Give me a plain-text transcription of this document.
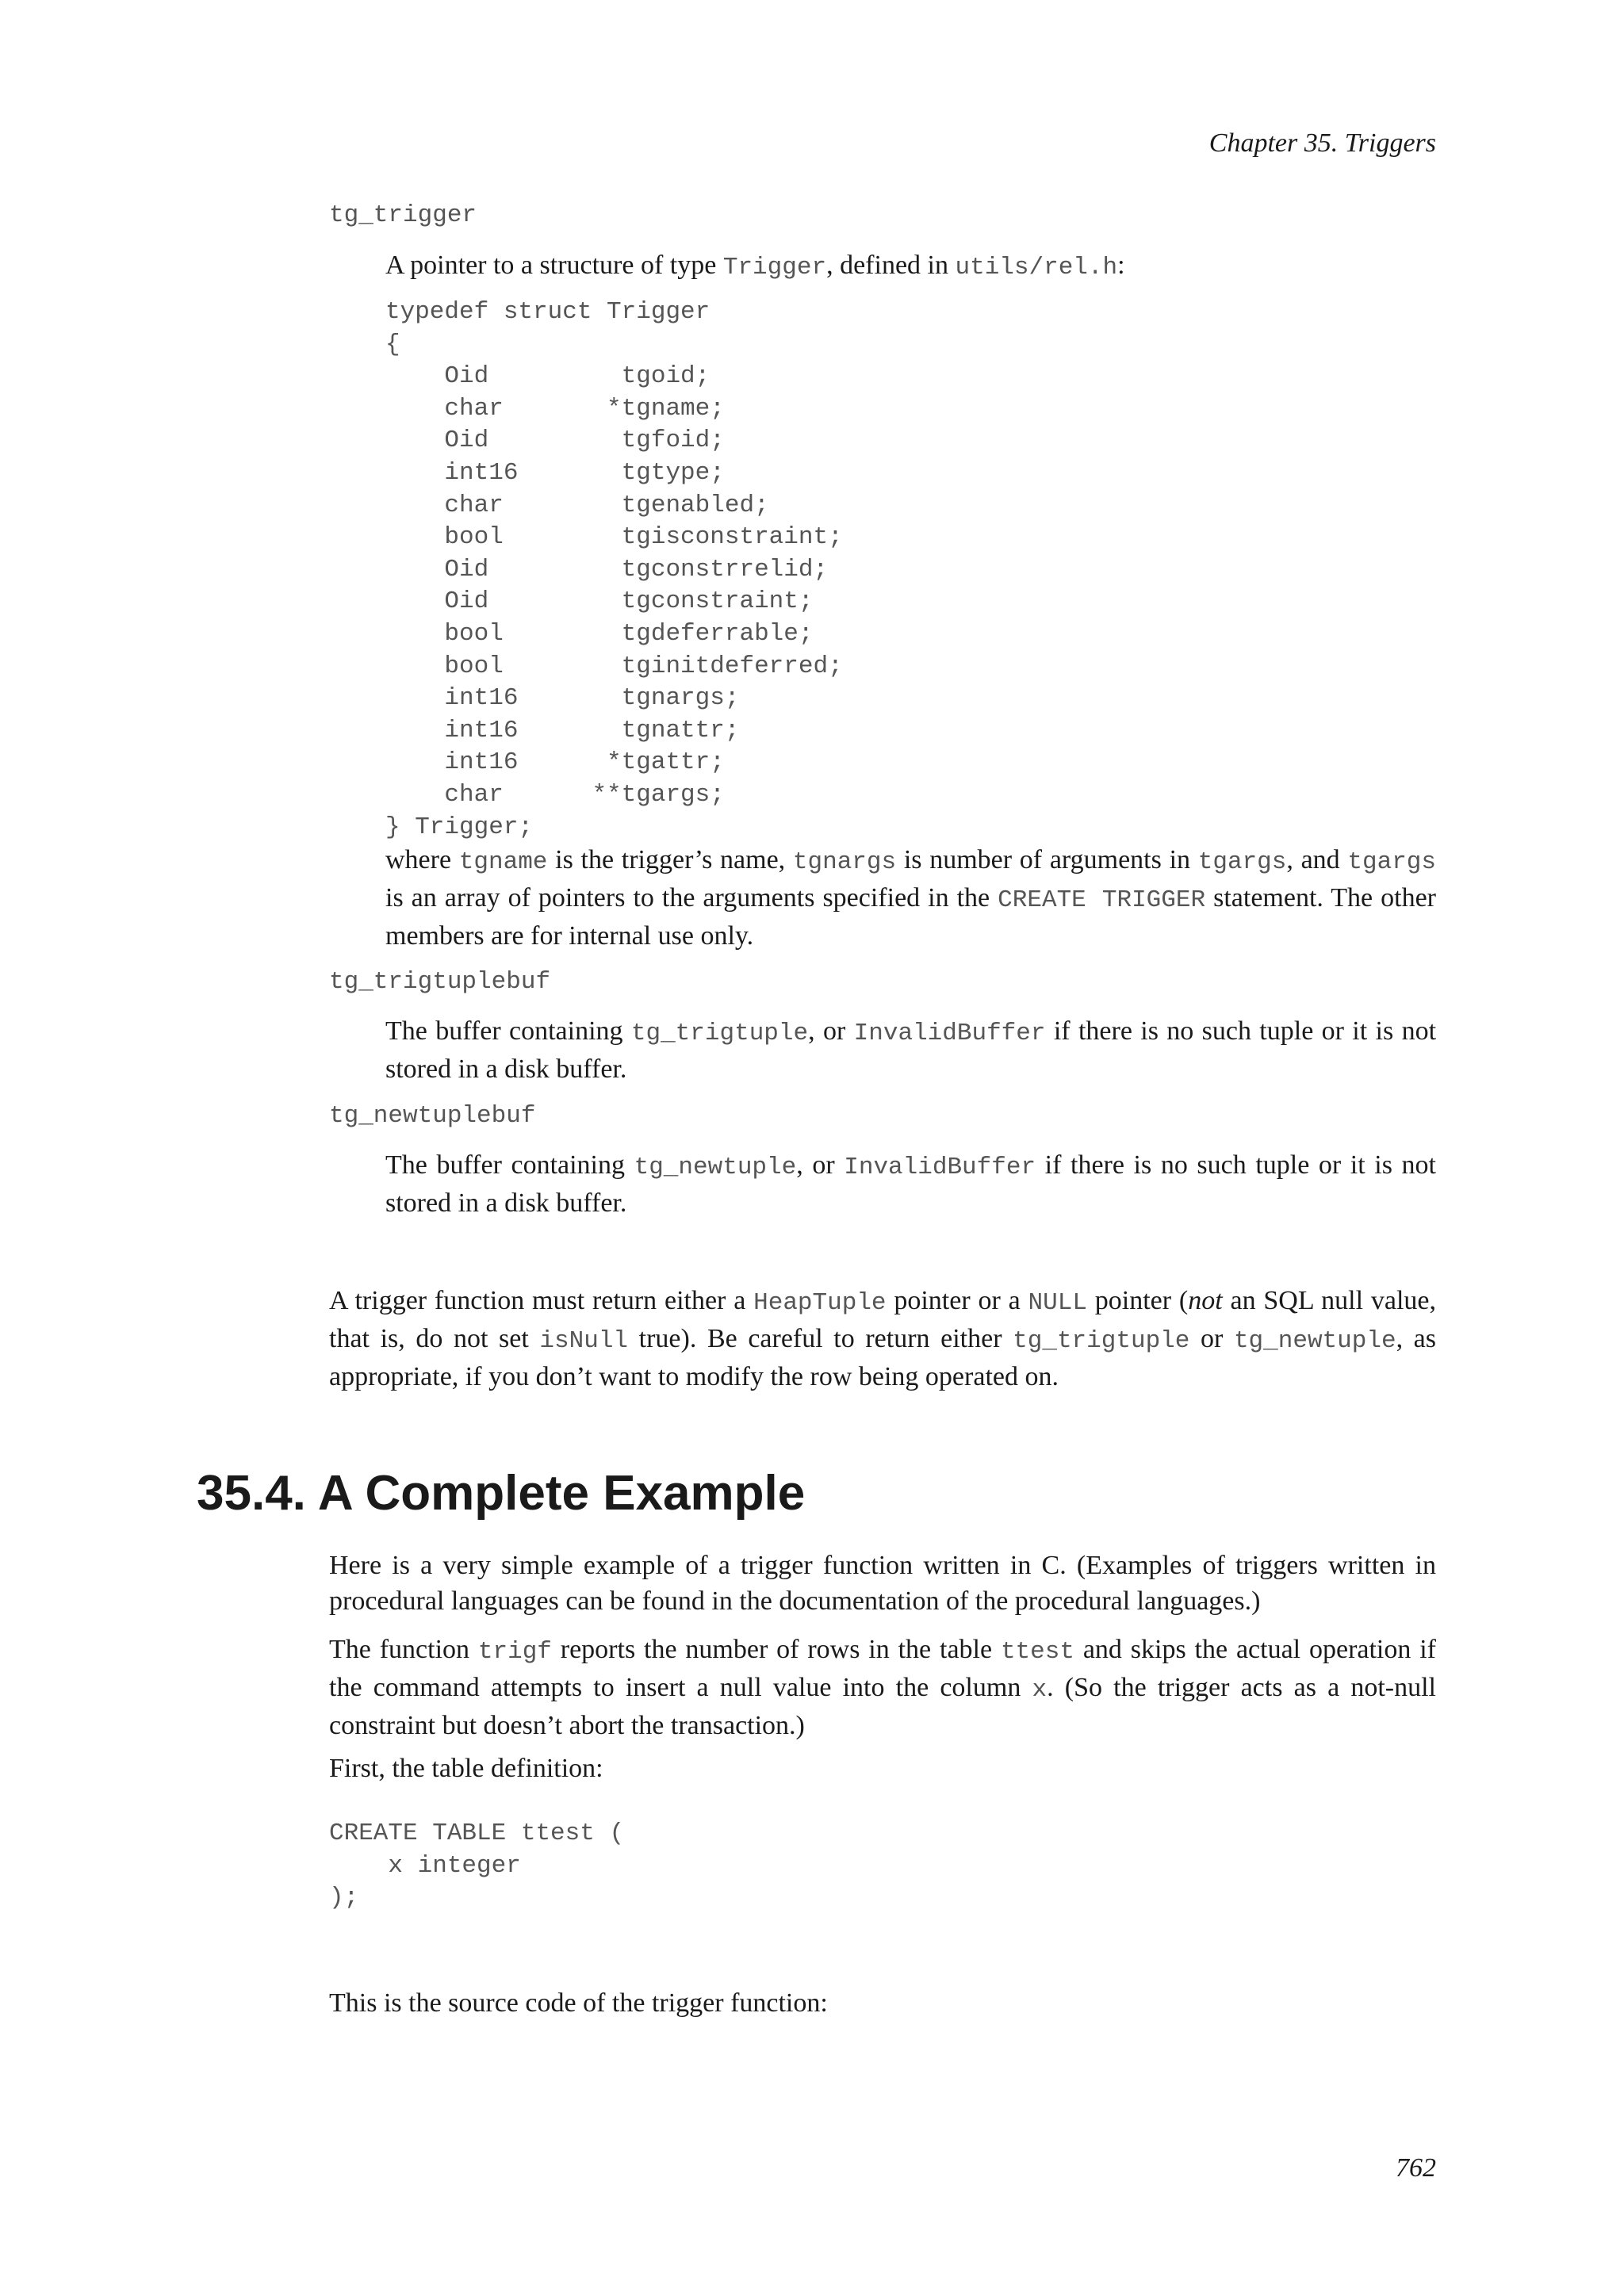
Chapter 35. Triggers
tg_trigger
A pointer to a structure of type Trigger, defined in utils/rel.h:
typedef struct Trigger
{
Oid         tgoid;
char       *tgname;
Oid         tgfoid;
int16       tgtype;
char        tgenabled;
bool        tgisconstraint;
Oid         tgconstrrelid;
Oid         tgconstraint;
bool        tgdeferrable;
bool        tginitdeferred;
int16       tgnargs;
int16       tgnattr;
int16      *tgattr;
char      **tgargs;
} Trigger;
where tgname is the trigger’s name, tgnargs is number of arguments in tgargs, and tgargs is an array of pointers to the arguments specified in the CREATE TRIGGER statement. The other members are for internal use only.
tg_trigtuplebuf
The buffer containing tg_trigtuple, or InvalidBuffer if there is no such tuple or it is not stored in a disk buffer.
tg_newtuplebuf
The buffer containing tg_newtuple, or InvalidBuffer if there is no such tuple or it is not stored in a disk buffer.
A trigger function must return either a HeapTuple pointer or a NULL pointer (not an SQL null value, that is, do not set isNull true). Be careful to return either tg_trigtuple or tg_newtuple, as appropriate, if you don’t want to modify the row being operated on.
35.4. A Complete Example
Here is a very simple example of a trigger function written in C. (Examples of triggers written in procedural languages can be found in the documentation of the procedural languages.)
The function trigf reports the number of rows in the table ttest and skips the actual operation if the command attempts to insert a null value into the column x. (So the trigger acts as a not-null constraint but doesn’t abort the transaction.)
First, the table definition:
CREATE TABLE ttest (
x integer
);
This is the source code of the trigger function:
762
